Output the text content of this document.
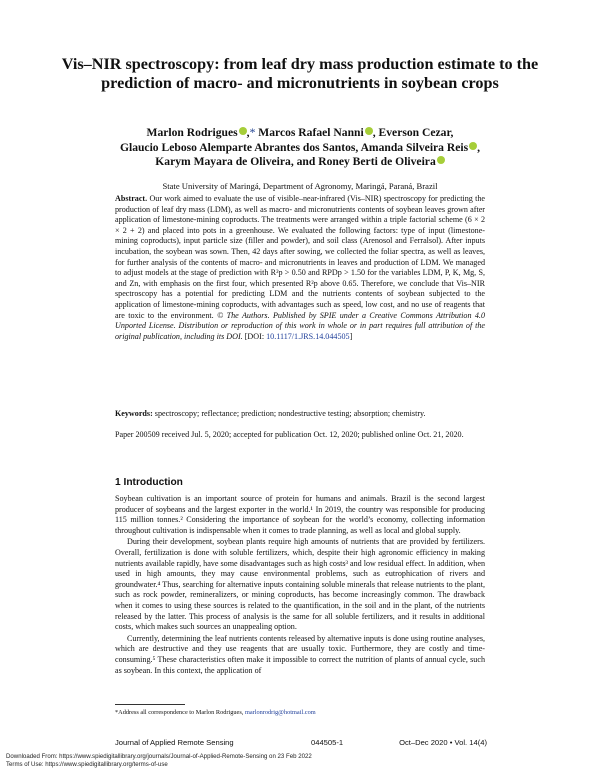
Vis–NIR spectroscopy: from leaf dry mass production estimate to the prediction of macro- and micronutrients in soybean crops
Marlon Rodrigues ,* Marcos Rafael Nanni , Everson Cezar,
Glaucio Leboso Alemparte Abrantes dos Santos, Amanda Silveira Reis ,
Karym Mayara de Oliveira, and Roney Berti de Oliveira
State University of Maringá, Department of Agronomy, Maringá, Paraná, Brazil
Abstract. Our work aimed to evaluate the use of visible–near-infrared (Vis–NIR) spectroscopy for predicting the production of leaf dry mass (LDM), as well as macro- and micronutrients contents of soybean leaves grown after application of limestone-mining coproducts. The treatments were arranged within a triple factorial scheme (6 × 2 × 2 + 2) and placed into pots in a greenhouse. We evaluated the following factors: type of input (limestone-mining coproducts), input particle size (filler and powder), and soil class (Arenosol and Ferralsol). After inputs incubation, the soybean was sown. Then, 42 days after sowing, we collected the foliar spectra, as well as leaves, for further analysis of the contents of macro- and micronutrients in leaves and production of LDM. We managed to adjust models at the stage of prediction with R²p > 0.50 and RPDp > 1.50 for the variables LDM, P, K, Mg, S, and Zn, with emphasis on the first four, which presented R²p above 0.65. Therefore, we conclude that Vis–NIR spectroscopy has a potential for predicting LDM and the nutrients contents of soybean subjected to the application of limestone-mining coproducts, with advantages such as speed, low cost, and no use of reagents that are toxic to the environment. © The Authors. Published by SPIE under a Creative Commons Attribution 4.0 Unported License. Distribution or reproduction of this work in whole or in part requires full attribution of the original publication, including its DOI. [DOI: 10.1117/1.JRS.14.044505]
Keywords: spectroscopy; reflectance; prediction; nondestructive testing; absorption; chemistry.
Paper 200509 received Jul. 5, 2020; accepted for publication Oct. 12, 2020; published online Oct. 21, 2020.
1 Introduction

Soybean cultivation is an important source of protein for humans and animals. Brazil is the second largest producer of soybeans and the largest exporter in the world.¹ In 2019, the country was responsible for producing 115 million tonnes.² Considering the importance of soybean for the world’s economy, collecting information throughout cultivation is indispensable when it comes to trade planning, as well as local and global supply.

During their development, soybean plants require high amounts of nutrients that are provided by fertilizers. Overall, fertilization is done with soluble fertilizers, which, despite their high agronomic efficiency in making nutrients available rapidly, have some disadvantages such as high costs³ and low residual effect. In addition, when used in high amounts, they may cause environmental problems, such as eutrophication of rivers and groundwater.⁴ Thus, searching for alternative inputs containing soluble minerals that release nutrients to the plant, such as rock powder, remineralizers, or mining coproducts, has become increasingly common. The drawback when it comes to using these sources is related to the quantification, in the soil and in the plant, of the nutrients released by the latter. This process of analysis is the same for all soluble fertilizers, and it results in additional costs, which makes such sources an unappealing option.

Currently, determining the leaf nutrients contents released by alternative inputs is done using routine analyses, which are destructive and they use reagents that are usually toxic. Furthermore, they are costly and time-consuming.⁵ These characteristics often make it impossible to correct the nutrition of plants of annual cycle, such as soybean. In this context, the application of

*Address all correspondence to Marlon Rodrigues, marlonrodrig@hotmail.com
Journal of Applied Remote Sensing	044505-1	Oct–Dec 2020 • Vol. 14(4)
Downloaded From: https://www.spiedigitallibrary.org/journals/Journal-of-Applied-Remote-Sensing on 23 Feb 2022
Terms of Use: https://www.spiedigitallibrary.org/terms-of-use
